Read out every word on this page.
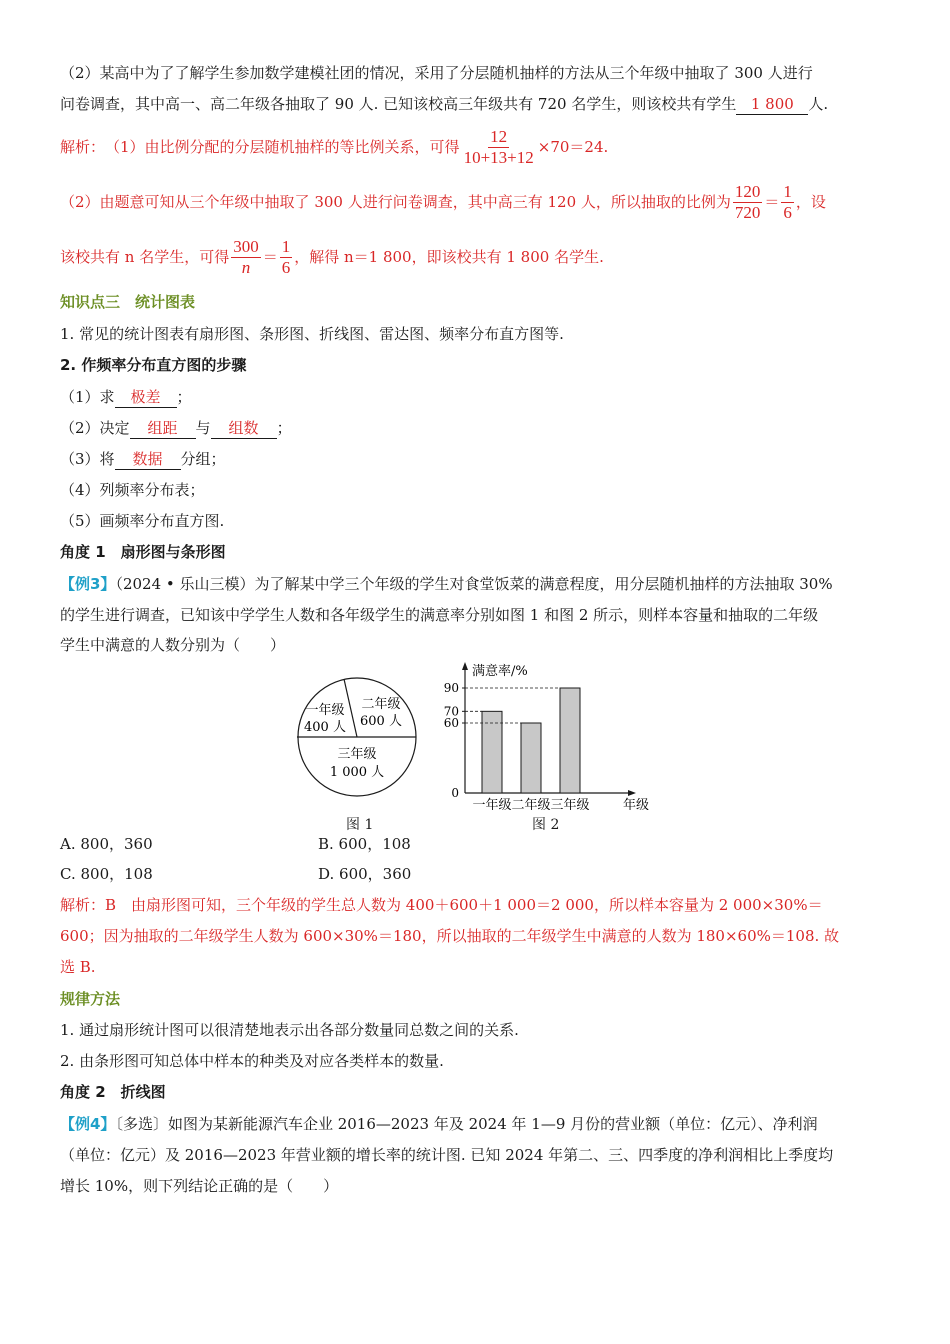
（2）某高中为了了解学生参加数学建模社团的情况，采用了分层随机抽样的方法从三个年级中抽取了 300 人进行
问卷调查，其中高一、高二年级各抽取了 90 人. 已知该校高三年级共有 720 名学生，则该校共有学生 1 800 人.
解析： （1）由比例分配的分层随机抽样的等比例关系，可得 $\frac{12}{10+13+12} \times 70=24$.
（2）由题意可知从三个年级中抽取了 300 人进行问卷调查，其中高三有 120 人，所以抽取的比例为 $\frac{120}{720} = \frac{1}{6}$ ，设
该校共有 n 名学生，可得 $\frac{300}{n} = \frac{1}{6}$ ，解得 n＝1 800，即该校共有 1 800 名学生.
知识点三　统计图表
1. 常见的统计图表有扇形图、条形图、折线图、雷达图、频率分布直方图等.
2. 作频率分布直方图的步骤
（1）求 极差 ；
（2）决定 组距 与 组数 ；
（3）将 数据 分组；
（4）列频率分布表；
（5）画频率分布直方图.
角度 1　扇形图与条形图
【例3】（2024 • 乐山三模）为了解某中学三个年级的学生对食堂饭菜的满意程度，用分层随机抽样的方法抽取 30%
的学生进行调查，已知该中学学生人数和各年级学生的满意率分别如图 1 和图 2 所示，则样本容量和抽取的二年级
学生中满意的人数分别为（　　）
一年级
400 人
二年级
600 人
三年级
1 000 人
图 1
满意率/%
90
70
60
0
一年级 二年级 三年级	年级
图 2
A. 800，360	B. 600，108
C. 800，108	D. 600，360
解析：B　由扇形图可知，三个年级的学生总人数为 400＋600＋1 000＝2 000，所以样本容量为 2 000×30%＝
600；因为抽取的二年级学生人数为 600×30%＝180，所以抽取的二年级学生中满意的人数为 180×60%＝108. 故
选 B.
规律方法
1. 通过扇形统计图可以很清楚地表示出各部分数量同总数之间的关系.
2. 由条形图可知总体中样本的种类及对应各类样本的数量.
角度 2　折线图
【例4】〔多选〕如图为某新能源汽车企业 2016—2023 年及 2024 年 1—9 月份的营业额（单位：亿元）、净利润
（单位：亿元）及 2016—2023 年营业额的增长率的统计图. 已知 2024 年第二、三、四季度的净利润相比上季度均
增长 10%，则下列结论正确的是（　　）
